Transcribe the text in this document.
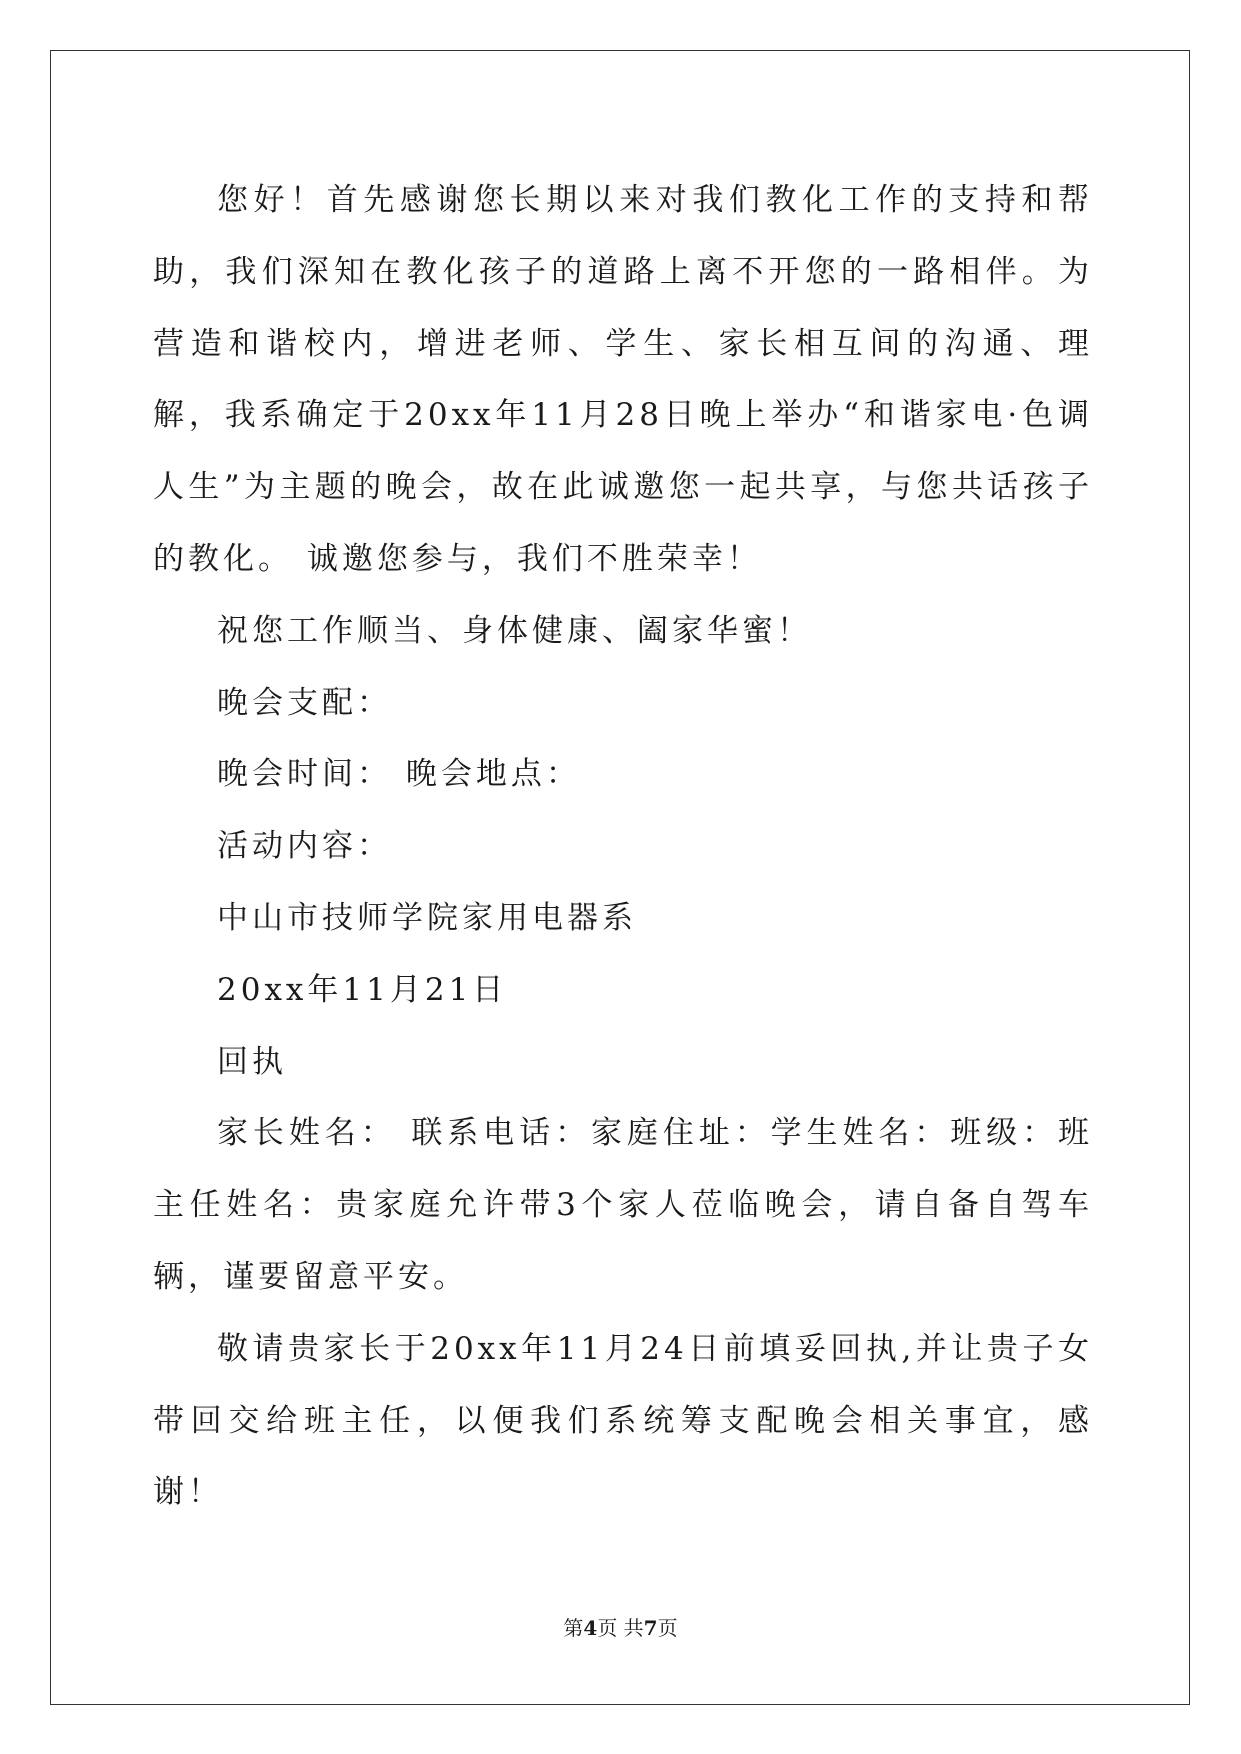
您好！首先感谢您长期以来对我们教化工作的支持和帮助，我们深知在教化孩子的道路上离不开您的一路相伴。为营造和谐校内，增进老师、学生、家长相互间的沟通、理解，我系确定于20xx年11月28日晚上举办“和谐家电·色调人生”为主题的晚会，故在此诚邀您一起共享，与您共话孩子的教化。 诚邀您参与，我们不胜荣幸！

祝您工作顺当、身体健康、阖家华蜜！

晚会支配：

晚会时间： 晚会地点：

活动内容：

中山市技师学院家用电器系

20xx年11月21日

回执

家长姓名： 联系电话：家庭住址：学生姓名：班级：班主任姓名：贵家庭允许带3个家人莅临晚会，请自备自驾车辆，谨要留意平安。

敬请贵家长于20xx年11月24日前填妥回执,并让贵子女带回交给班主任，以便我们系统筹支配晚会相关事宜，感谢！

第4页 共7页
